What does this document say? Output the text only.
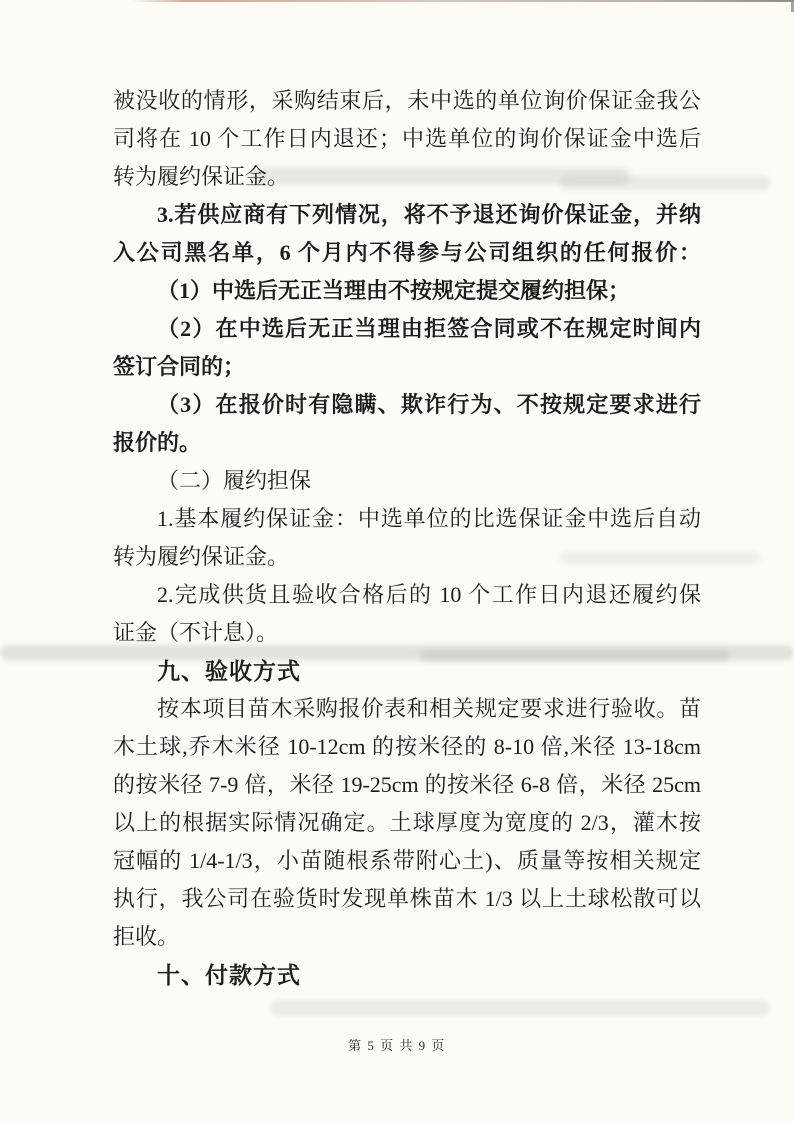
被没收的情形，采购结束后，未中选的单位询价保证金我公
司将在 10 个工作日内退还；中选单位的询价保证金中选后
转为履约保证金。
3.若供应商有下列情况，将不予退还询价保证金，并纳
入公司黑名单，6 个月内不得参与公司组织的任何报价：
（1）中选后无正当理由不按规定提交履约担保；
（2）在中选后无正当理由拒签合同或不在规定时间内
签订合同的；
（3）在报价时有隐瞒、欺诈行为、不按规定要求进行
报价的。
（二）履约担保
1.基本履约保证金：中选单位的比选保证金中选后自动
转为履约保证金。
2.完成供货且验收合格后的 10 个工作日内退还履约保
证金（不计息）。
九、验收方式
按本项目苗木采购报价表和相关规定要求进行验收。苗
木土球,乔木米径 10-12cm 的按米径的 8-10 倍,米径 13-18cm
的按米径 7-9 倍，米径 19-25cm 的按米径 6-8 倍，米径 25cm
以上的根据实际情况确定。土球厚度为宽度的 2/3，灌木按
冠幅的 1/4-1/3，小苗随根系带附心土)、质量等按相关规定
执行，我公司在验货时发现单株苗木 1/3 以上土球松散可以
拒收。
十、付款方式
第 5 页 共 9 页
